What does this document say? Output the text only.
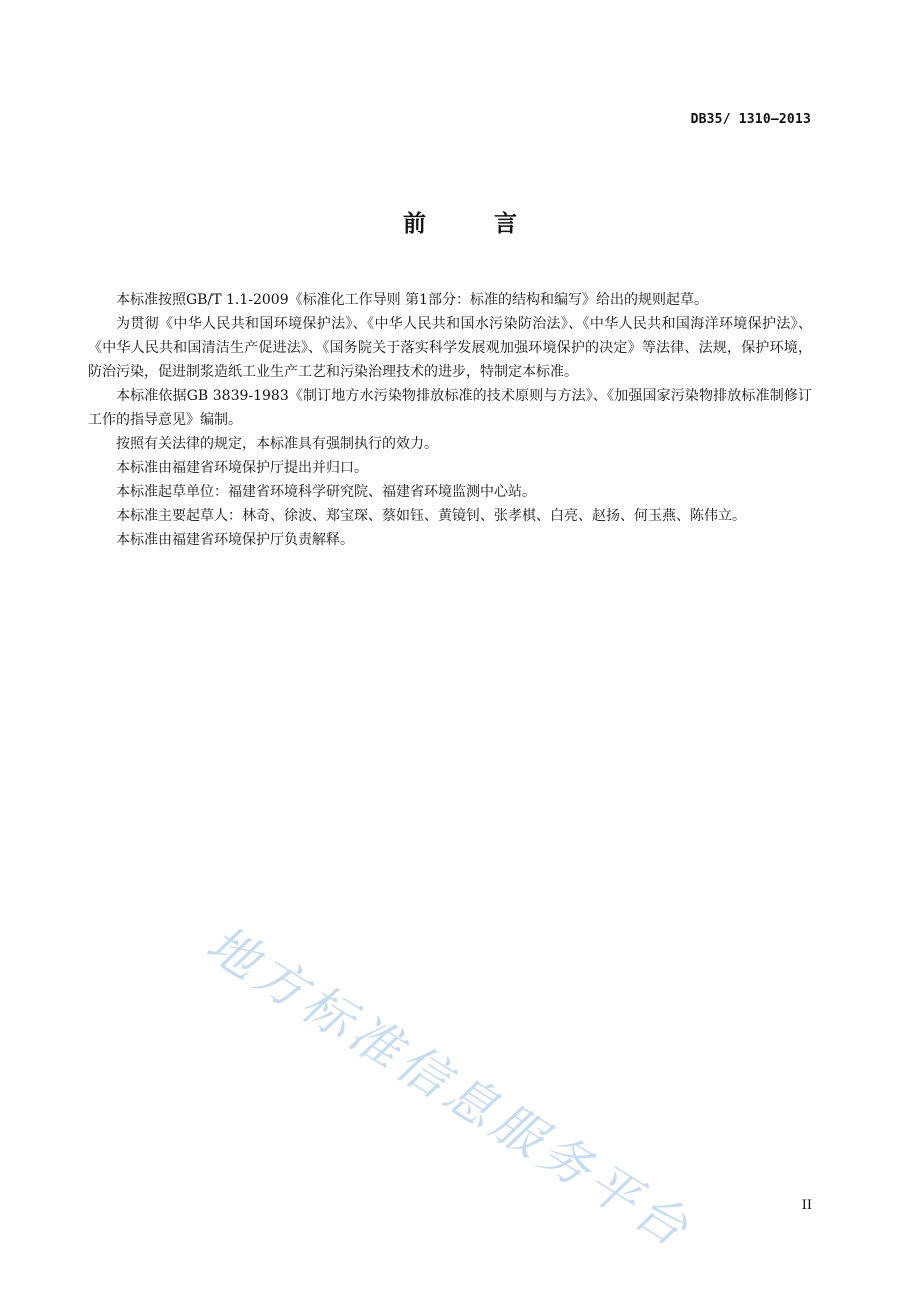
DB35/ 1310—2013
前 言

本标准按照GB/T 1.1-2009《标准化工作导则 第1部分：标准的结构和编写》给出的规则起草。

为贯彻《中华人民共和国环境保护法》、《中华人民共和国水污染防治法》、《中华人民共和国海洋环境保护法》、《中华人民共和国清洁生产促进法》、《国务院关于落实科学发展观加强环境保护的决定》等法律、法规，保护环境，防治污染，促进制浆造纸工业生产工艺和污染治理技术的进步，特制定本标准。

本标准依据GB 3839-1983《制订地方水污染物排放标准的技术原则与方法》、《加强国家污染物排放标准制修订工作的指导意见》编制。

按照有关法律的规定，本标准具有强制执行的效力。

本标准由福建省环境保护厅提出并归口。

本标准起草单位：福建省环境科学研究院、福建省环境监测中心站。

本标准主要起草人：林奇、徐波、郑宝琛、蔡如钰、黄镜钊、张孝棋、白亮、赵扬、何玉燕、陈伟立。

本标准由福建省环境保护厅负责解释。

地方标准信息服务平台	II
